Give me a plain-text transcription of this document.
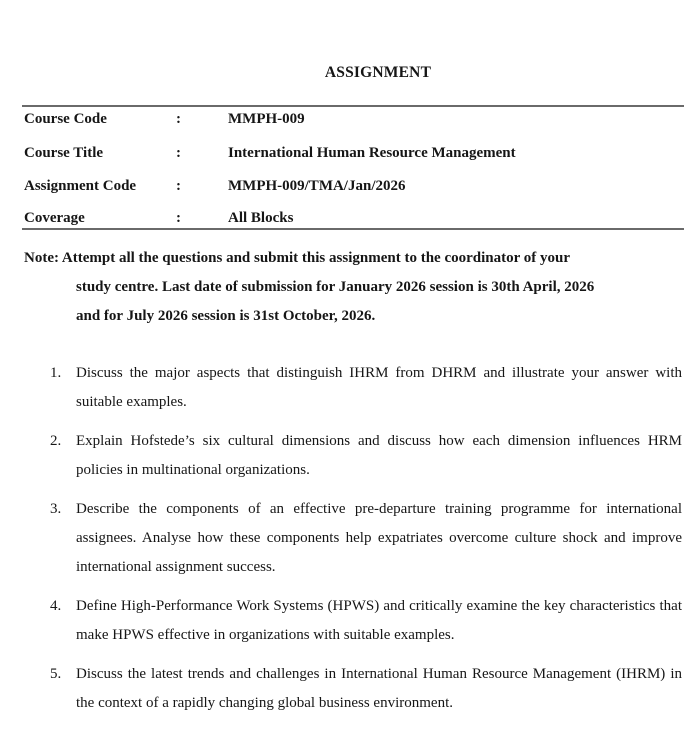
ASSIGNMENT
Course Code	:	MMPH-009
Course Title	:	International Human Resource Management
Assignment Code	:	MMPH-009/TMA/Jan/2026
Coverage	:	All Blocks
Note: Attempt all the questions and submit this assignment to the coordinator of your
study centre. Last date of submission for January 2026 session is 30th April, 2026
and for July 2026 session is 31st October, 2026.
1. Discuss the major aspects that distinguish IHRM from DHRM and illustrate your answer with suitable examples.
2. Explain Hofstede’s six cultural dimensions and discuss how each dimension influences HRM policies in multinational organizations.
3. Describe the components of an effective pre-departure training programme for international assignees. Analyse how these components help expatriates overcome culture shock and improve international assignment success.
4. Define High-Performance Work Systems (HPWS) and critically examine the key characteristics that make HPWS effective in organizations with suitable examples.
5. Discuss the latest trends and challenges in International Human Resource Management (IHRM) in the context of a rapidly changing global business environment.
